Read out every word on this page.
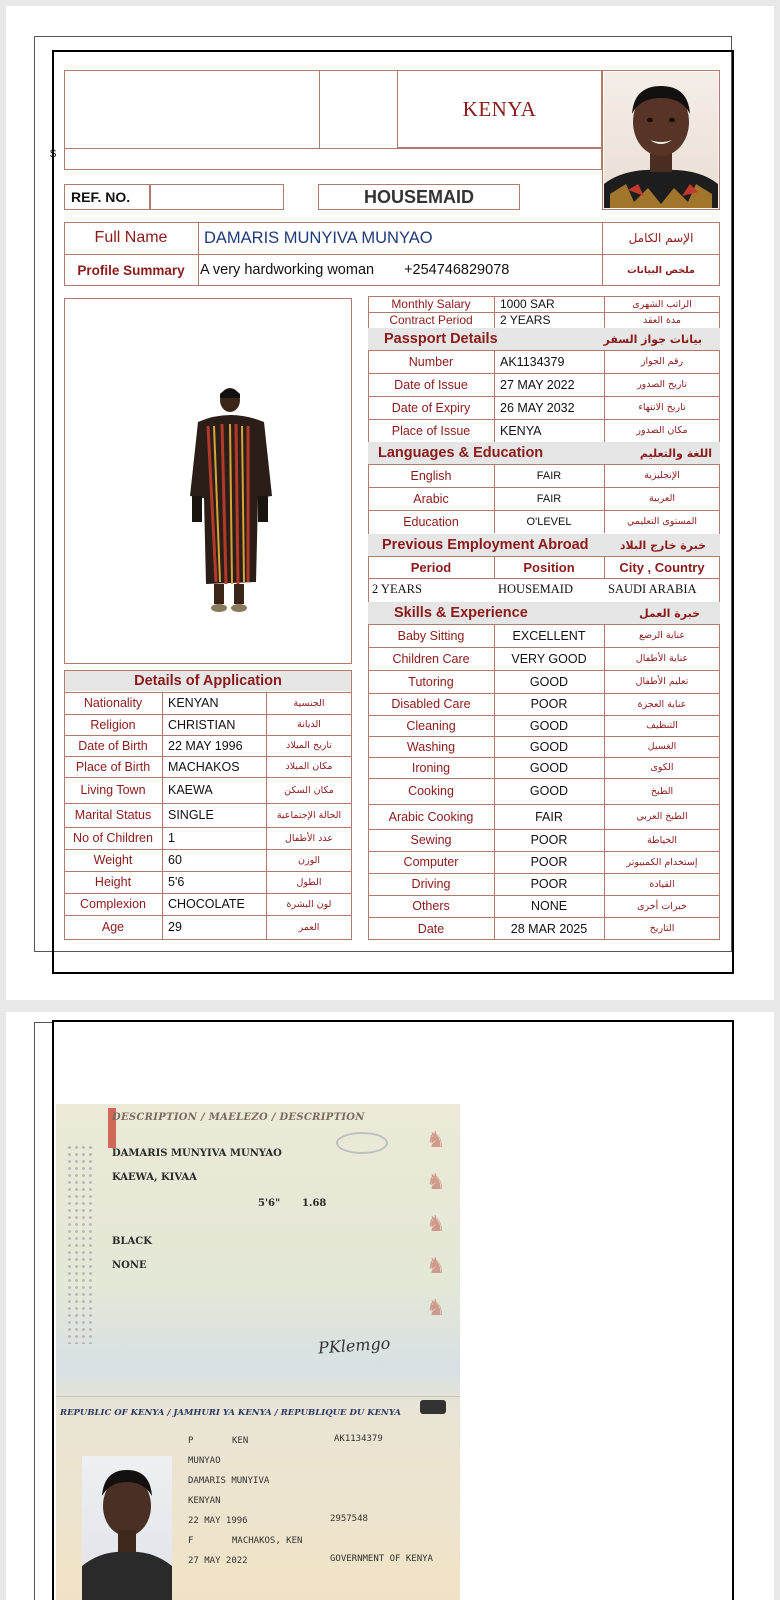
$
KENYA
REF. NO.	HOUSEMAID
Full Name	DAMARIS MUNYIVA MUNYAO	الإسم الكامل
Profile Summary	A very hardworking woman +254746829078	ملخص البيانات
Monthly Salary	1000 SAR	الراتب الشهرى
Contract Period	2 YEARS	مدة العقد
Passport Details	بيانات جواز السفر
Number	AK1134379	رقم الجواز
Date of Issue	27 MAY 2022	تاريخ الصدور
Date of Expiry	26 MAY 2032	تاريخ الانتهاء
Place of Issue	KENYA	مكان الصدور
Languages & Education	اللغة والتعليم
English	FAIR	الإنجليزية
Arabic	FAIR	العربية
Education	O'LEVEL	المستوى التعليمي
Previous Employment Abroad	خبرة خارج البلاد
Period	Position	City , Country
2 YEARS	HOUSEMAID	SAUDI ARABIA
Skills & Experience	خبرة العمل
Baby Sitting	EXCELLENT	عناية الرضع
Children Care	VERY GOOD	عناية الأطفال
Tutoring	GOOD	تعليم الأطفال
Disabled Care	POOR	عناية العجزة
Cleaning	GOOD	التنظيف
Washing	GOOD	الغسيل
Ironing	GOOD	الكوى
Cooking	GOOD	الطبخ
Arabic Cooking	FAIR	الطبخ العربي
Sewing	POOR	الخياطة
Computer	POOR	إستخدام الكمبيوتر
Driving	POOR	القيادة
Others	NONE	خبرات أخرى
Date	28 MAR 2025	التاريخ
Details of Application
Nationality	KENYAN	الجنسية
Religion	CHRISTIAN	الديانة
Date of Birth	22 MAY 1996	تاريخ الميلاد
Place of Birth	MACHAKOS	مكان الميلاد
Living Town	KAEWA	مكان السكن
Marital Status	SINGLE	الحالة الإجتماعية
No of Children	1	عدد الأطفال
Weight	60	الوزن
Height	5'6	الطول
Complexion	CHOCOLATE	لون البشرة
Age	29	العمر
DESCRIPTION / MAELEZO / DESCRIPTION
DAMARIS MUNYIVA MUNYAO
KAEWA, KIVAA
5'6" 1.68
BLACK
NONE
PKlemgo
♞
♞
♞
♞
♞
REPUBLIC OF KENYA / JAMHURI YA KENYA / REPUBLIQUE DU KENYA
P	KEN	AK1134379
MUNYAO
DAMARIS MUNYIVA
KENYAN
22 MAY 1996	2957548
F	MACHAKOS, KEN
27 MAY 2022	GOVERNMENT OF KENYA
